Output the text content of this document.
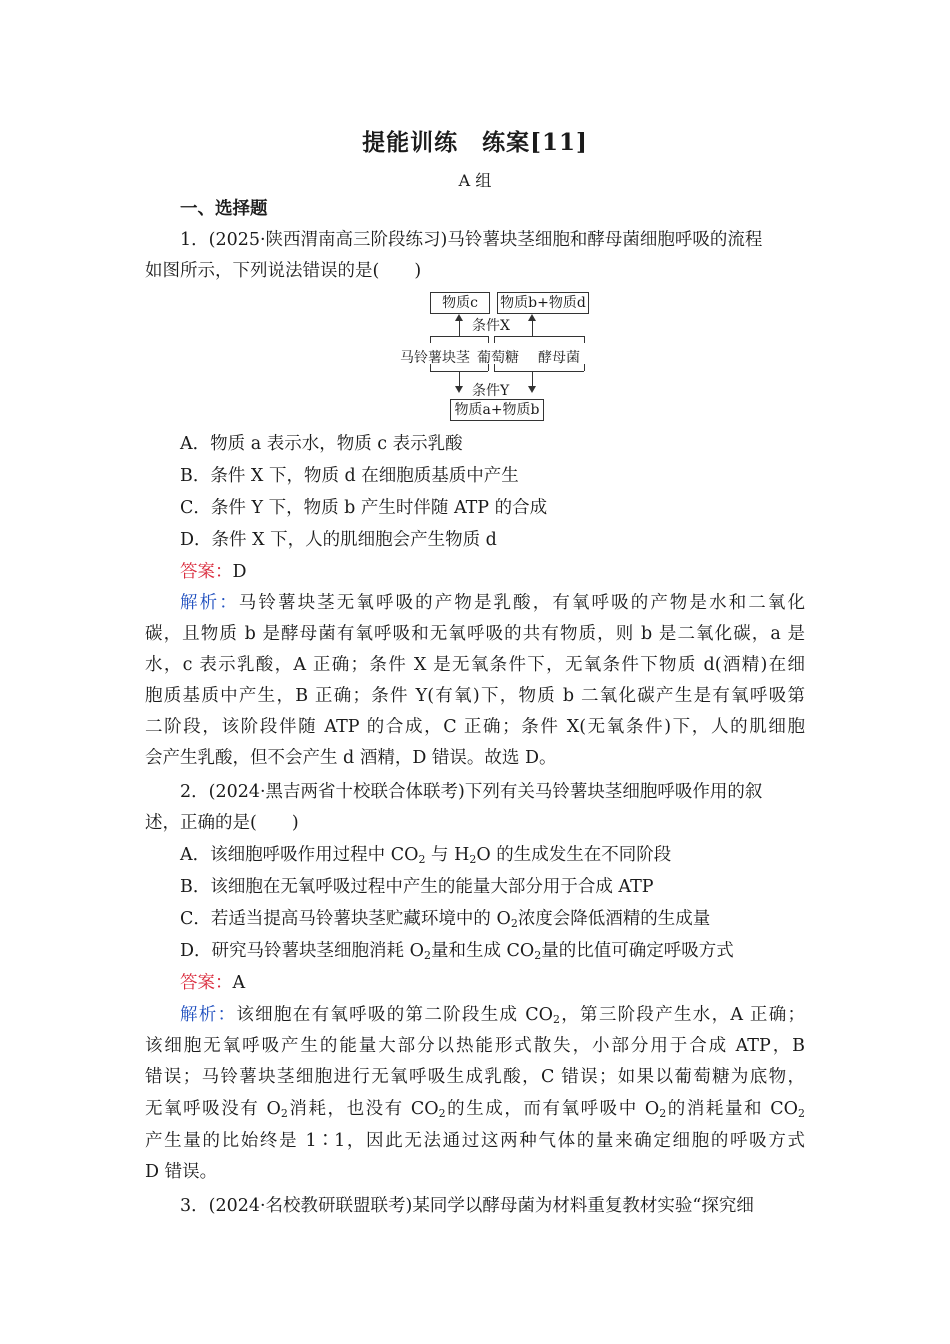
提能训练　练案[11]
A 组
一、选择题
1．(2025·陕西渭南高三阶段练习)马铃薯块茎细胞和酵母菌细胞呼吸的流程
如图所示，下列说法错误的是(　　)
物质c	物质b+物质d
条件X
马铃薯块茎 葡萄糖 酵母菌
条件Y
物质a+物质b
A．物质 a 表示水，物质 c 表示乳酸
B．条件 X 下，物质 d 在细胞质基质中产生
C．条件 Y 下，物质 b 产生时伴随 ATP 的合成
D．条件 X 下，人的肌细胞会产生物质 d
答案：D
解析：马铃薯块茎无氧呼吸的产物是乳酸，有氧呼吸的产物是水和二氧化
碳，且物质 b 是酵母菌有氧呼吸和无氧呼吸的共有物质，则 b 是二氧化碳，a 是
水，c 表示乳酸，A 正确；条件 X 是无氧条件下，无氧条件下物质 d(酒精)在细
胞质基质中产生，B 正确；条件 Y(有氧)下，物质 b 二氧化碳产生是有氧呼吸第
二阶段，该阶段伴随 ATP 的合成，C 正确；条件 X(无氧条件)下，人的肌细胞
会产生乳酸，但不会产生 d 酒精，D 错误。故选 D。
2．(2024·黑吉两省十校联合体联考)下列有关马铃薯块茎细胞呼吸作用的叙
述，正确的是(　　)
A．该细胞呼吸作用过程中 $CO_2$ 与 $H_2O$ 的生成发生在不同阶段
B．该细胞在无氧呼吸过程中产生的能量大部分用于合成 ATP
C．若适当提高马铃薯块茎贮藏环境中的 $O_2$浓度会降低酒精的生成量
D．研究马铃薯块茎细胞消耗 $O_2$量和生成 $CO_2$量的比值可确定呼吸方式
答案：A
解析：该细胞在有氧呼吸的第二阶段生成 $CO_2$，第三阶段产生水，A 正确；
该细胞无氧呼吸产生的能量大部分以热能形式散失，小部分用于合成 ATP，B
错误；马铃薯块茎细胞进行无氧呼吸生成乳酸，C 错误；如果以葡萄糖为底物，
无氧呼吸没有 $O_2$消耗，也没有 $CO_2$的生成，而有氧呼吸中 $O_2$的消耗量和 $CO_2$
产生量的比始终是 1∶1，因此无法通过这两种气体的量来确定细胞的呼吸方式
D 错误。
3．(2024·名校教研联盟联考)某同学以酵母菌为材料重复教材实验“探究细
